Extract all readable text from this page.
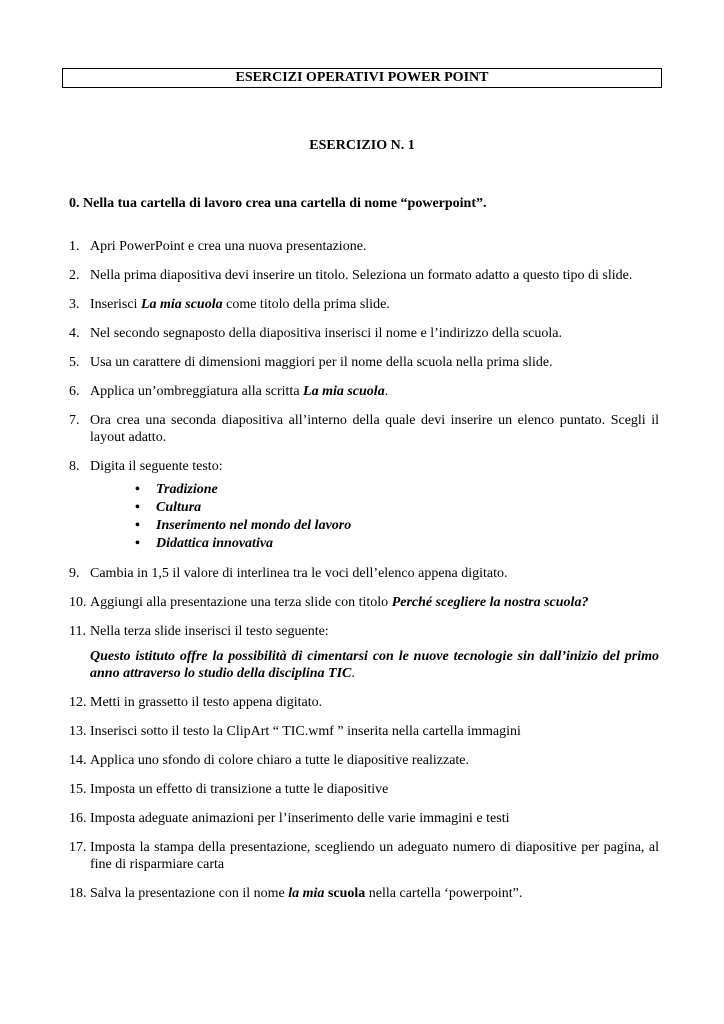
ESERCIZI OPERATIVI POWER POINT
ESERCIZIO N. 1
0. Nella tua cartella di lavoro crea una cartella di nome “powerpoint”.
1. Apri PowerPoint e crea una nuova presentazione.
2. Nella prima diapositiva devi inserire un titolo. Seleziona un formato adatto a questo tipo di slide.
3. Inserisci La mia scuola come titolo della prima slide.
4. Nel secondo segnaposto della diapositiva inserisci il nome e l’indirizzo della scuola.
5. Usa un carattere di dimensioni maggiori per il nome della scuola nella prima slide.
6. Applica un’ombreggiatura alla scritta La mia scuola.
7. Ora crea una seconda diapositiva all’interno della quale devi inserire un elenco puntato. Scegli il layout adatto.
8. Digita il seguente testo:
•	Tradizione
•	Cultura
•	Inserimento nel mondo del lavoro
•	Didattica innovativa
9. Cambia in 1,5 il valore di interlinea tra le voci dell’elenco appena digitato.
10. Aggiungi alla presentazione una terza slide con titolo Perché scegliere la nostra scuola?
11. Nella terza slide inserisci il testo seguente:
Questo istituto offre la possibilità di cimentarsi con le nuove tecnologie sin dall’inizio del primo anno attraverso lo studio della disciplina TIC.
12. Metti in grassetto il testo appena digitato.
13. Inserisci sotto il testo la ClipArt “ TIC.wmf ” inserita nella cartella immagini
14. Applica uno sfondo di colore chiaro a tutte le diapositive realizzate.
15. Imposta un effetto di transizione a tutte le diapositive
16. Imposta adeguate animazioni per l’inserimento delle varie immagini e testi
17. Imposta la stampa della presentazione, scegliendo un adeguato numero di diapositive per pagina, al fine di risparmiare carta
18. Salva la presentazione con il nome la mia scuola nella cartella ‘powerpoint”.
